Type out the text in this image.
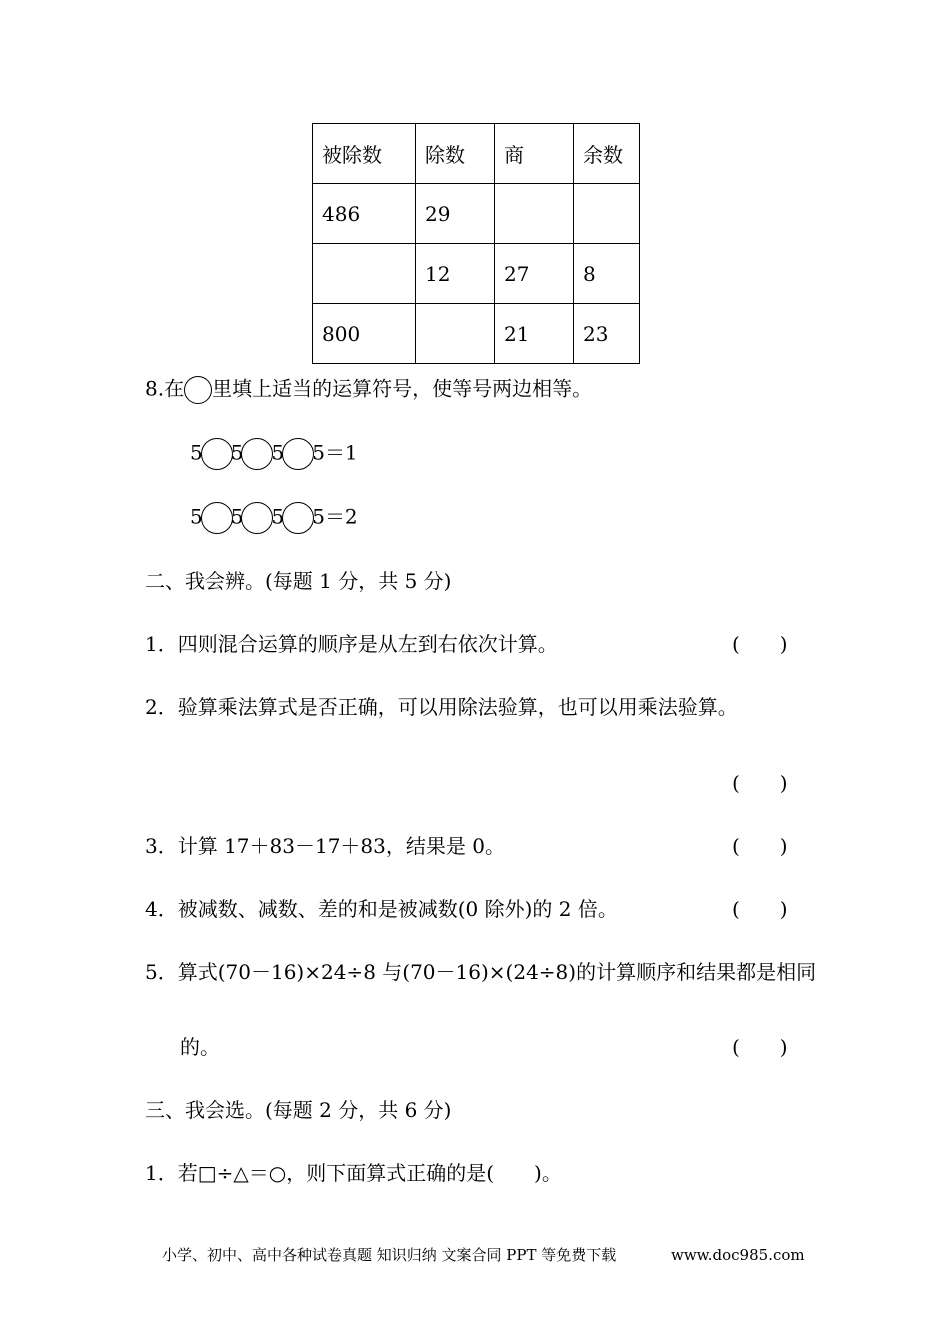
被除数	除数	商	余数
486	29		
	12	27	8
800		21	23
8.在 里填上适当的运算符号，使等号两边相等。
5 5 5 5＝1
5 5 5 5＝2
二、我会辨。(每题 1 分，共 5 分)
1．四则混合运算的顺序是从左到右依次计算。	(　　)
2．验算乘法算式是否正确，可以用除法验算，也可以用乘法验算。
(　　)
3．计算 17＋83－17＋83，结果是 0。	(　　)
4．被减数、减数、差的和是被减数(0 除外)的 2 倍。	(　　)
5．算式(70－16)×24÷8 与(70－16)×(24÷8)的计算顺序和结果都是相同
的。	(　　)
三、我会选。(每题 2 分，共 6 分)
1．若□÷△＝○，则下面算式正确的是(　　)。
小学、初中、高中各种试卷真题 知识归纳 文案合同 PPT 等免费下载	www.doc985.com
